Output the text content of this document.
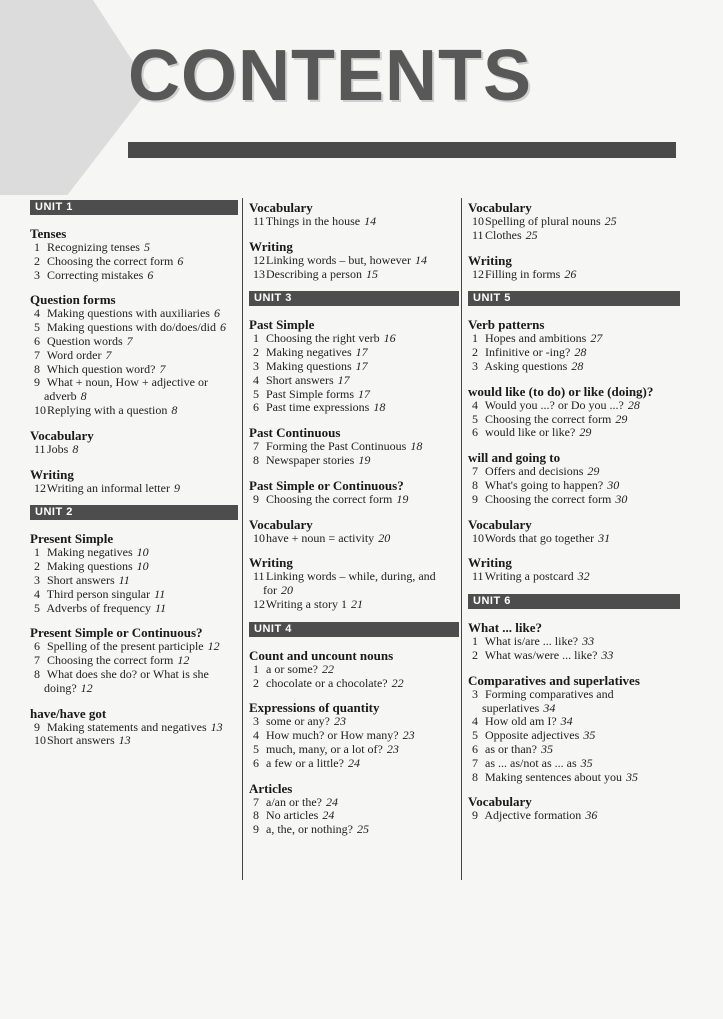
CONTENTS
UNIT 1
Tenses
1 Recognizing tenses 5
2 Choosing the correct form 6
3 Correcting mistakes 6
Question forms
4 Making questions with auxiliaries 6
5 Making questions with do/does/did 6
6 Question words 7
7 Word order 7
8 Which question word? 7
9 What + noun, How + adjective or adverb 8
10 Replying with a question 8
Vocabulary
11 Jobs 8
Writing
12 Writing an informal letter 9
UNIT 2
Present Simple
1 Making negatives 10
2 Making questions 10
3 Short answers 11
4 Third person singular 11
5 Adverbs of frequency 11
Present Simple or Continuous?
6 Spelling of the present participle 12
7 Choosing the correct form 12
8 What does she do? or What is she doing? 12
have/have got
9 Making statements and negatives 13
10 Short answers 13
Vocabulary
11 Things in the house 14
Writing
12 Linking words – but, however 14
13 Describing a person 15
UNIT 3
Past Simple
1 Choosing the right verb 16
2 Making negatives 17
3 Making questions 17
4 Short answers 17
5 Past Simple forms 17
6 Past time expressions 18
Past Continuous
7 Forming the Past Continuous 18
8 Newspaper stories 19
Past Simple or Continuous?
9 Choosing the correct form 19
Vocabulary
10 have + noun = activity 20
Writing
11 Linking words – while, during, and for 20
12 Writing a story 1 21
UNIT 4
Count and uncount nouns
1 a or some? 22
2 chocolate or a chocolate? 22
Expressions of quantity
3 some or any? 23
4 How much? or How many? 23
5 much, many, or a lot of? 23
6 a few or a little? 24
Articles
7 a/an or the? 24
8 No articles 24
9 a, the, or nothing? 25
Vocabulary
10 Spelling of plural nouns 25
11 Clothes 25
Writing
12 Filling in forms 26
UNIT 5
Verb patterns
1 Hopes and ambitions 27
2 Infinitive or -ing? 28
3 Asking questions 28
would like (to do) or like (doing)?
4 Would you ...? or Do you ...? 28
5 Choosing the correct form 29
6 would like or like? 29
will and going to
7 Offers and decisions 29
8 What's going to happen? 30
9 Choosing the correct form 30
Vocabulary
10 Words that go together 31
Writing
11 Writing a postcard 32
UNIT 6
What ... like?
1 What is/are ... like? 33
2 What was/were ... like? 33
Comparatives and superlatives
3 Forming comparatives and superlatives 34
4 How old am I? 34
5 Opposite adjectives 35
6 as or than? 35
7 as ... as/not as ... as 35
8 Making sentences about you 35
Vocabulary
9 Adjective formation 36
